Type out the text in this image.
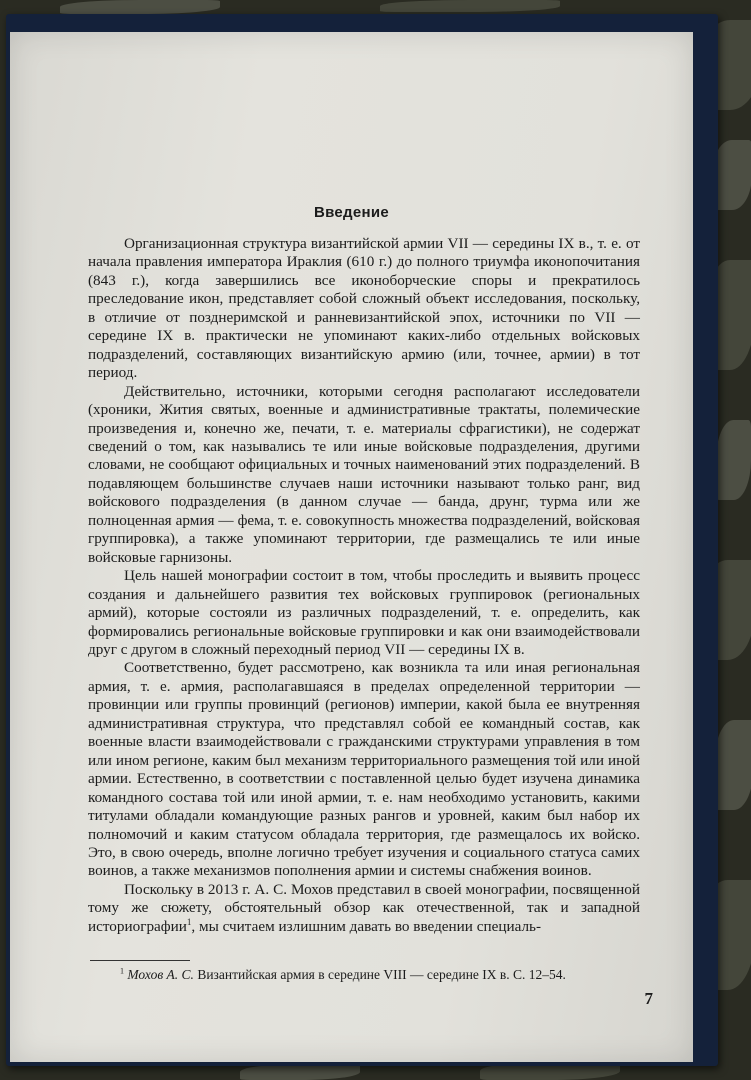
Введение

Организационная структура византийской армии VII — середины IX в., т. е. от начала правления императора Ираклия (610 г.) до полного триумфа иконопочитания (843 г.), когда завершились все иконоборческие споры и прекратилось преследование икон, представляет собой сложный объект исследования, поскольку, в отличие от позднеримской и ранневизантийской эпох, источники по VII — середине IX в. практически не упоминают каких-либо отдельных войсковых подразделений, составляющих византийскую армию (или, точнее, армии) в тот период.

Действительно, источники, которыми сегодня располагают исследователи (хроники, Жития святых, военные и административные трактаты, полемические произведения и, конечно же, печати, т. е. материалы сфрагистики), не содержат сведений о том, как назывались те или иные войсковые подразделения, другими словами, не сообщают официальных и точных наименований этих подразделений. В подавляющем большинстве случаев наши источники называют только ранг, вид войскового подразделения (в данном случае — банда, друнг, турма или же полноценная армия — фема, т. е. совокупность множества подразделений, войсковая группировка), а также упоминают территории, где размещались те или иные войсковые гарнизоны.

Цель нашей монографии состоит в том, чтобы проследить и выявить процесс создания и дальнейшего развития тех войсковых группировок (региональных армий), которые состояли из различных подразделений, т. е. определить, как формировались региональные войсковые группировки и как они взаимодействовали друг с другом в сложный переходный период VII — середины IX в.

Соответственно, будет рассмотрено, как возникла та или иная региональная армия, т. е. армия, располагавшаяся в пределах определенной территории — провинции или группы провинций (регионов) империи, какой была ее внутренняя административная структура, что представлял собой ее командный состав, как военные власти взаимодействовали с гражданскими структурами управления в том или ином регионе, каким был механизм территориального размещения той или иной армии. Естественно, в соответствии с поставленной целью будет изучена динамика командного состава той или иной армии, т. е. нам необходимо установить, какими титулами обладали командующие разных рангов и уровней, каким был набор их полномочий и каким статусом обладала территория, где размещалось их войско. Это, в свою очередь, вполне логично требует изучения и социального статуса самих воинов, а также механизмов пополнения армии и системы снабжения воинов.

Поскольку в 2013 г. А. С. Мохов представил в своей монографии, посвященной тому же сюжету, обстоятельный обзор как отечественной, так и западной историографии$^1$, мы считаем излишним давать во введении специаль-

$^1$ Мохов А. С. Византийская армия в середине VIII — середине IX в. С. 12–54.
7
